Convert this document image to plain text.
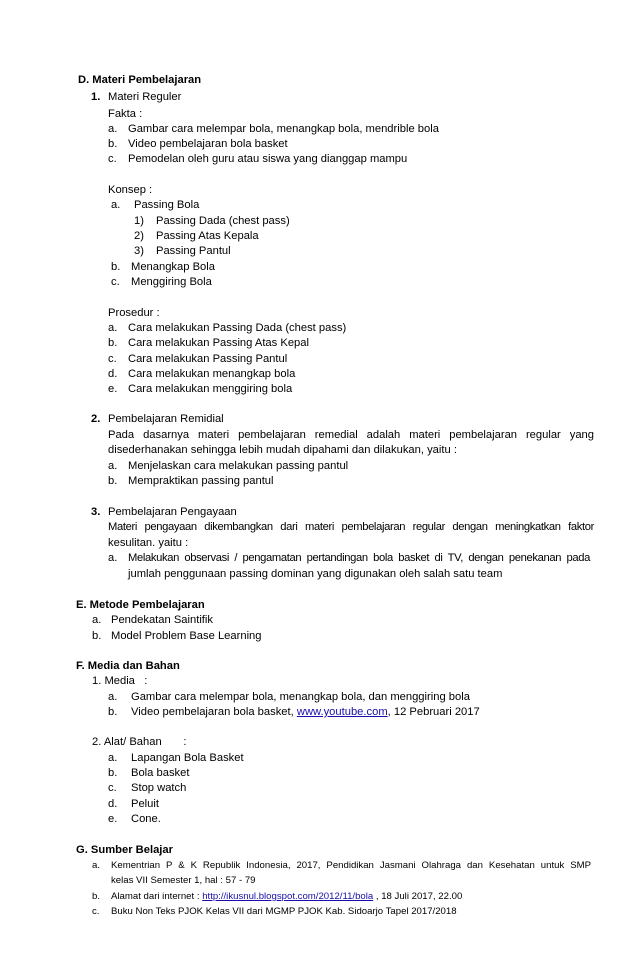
D. Materi Pembelajaran
1. Materi Reguler
Fakta :
a. Gambar cara melempar bola, menangkap bola, mendrible bola
b. Video pembelajaran bola basket
c. Pemodelan oleh guru atau siswa yang dianggap mampu
Konsep :
a. Passing Bola
1) Passing Dada (chest pass)
2) Passing Atas Kepala
3) Passing Pantul
b. Menangkap Bola
c. Menggiring Bola
Prosedur :
a. Cara melakukan Passing Dada (chest pass)
b. Cara melakukan Passing Atas Kepal
c. Cara melakukan Passing Pantul
d. Cara melakukan menangkap bola
e. Cara melakukan menggiring bola
2. Pembelajaran Remidial
Pada dasarnya materi pembelajaran remedial adalah materi pembelajaran regular yang
disederhanakan sehingga lebih mudah dipahami dan dilakukan, yaitu :
a. Menjelaskan cara melakukan passing pantul
b. Mempraktikan passing pantul
3. Pembelajaran Pengayaan
Materi pengayaan dikembangkan dari materi pembelajaran regular dengan meningkatkan faktor
kesulitan. yaitu :
a. Melakukan observasi / pengamatan pertandingan bola basket di TV, dengan penekanan pada
jumlah penggunaan passing dominan yang digunakan oleh salah satu team
E. Metode Pembelajaran
a. Pendekatan Saintifik
b. Model Problem Base Learning
F. Media dan Bahan
1. Media   :
a. Gambar cara melempar bola, menangkap bola, dan menggiring bola
b. Video pembelajaran bola basket, www.youtube.com, 12 Pebruari 2017
2. Alat/ Bahan       :
a. Lapangan Bola Basket
b. Bola basket
c. Stop watch
d. Peluit
e. Cone.
G. Sumber Belajar
a. Kementrian P & K Republik Indonesia, 2017, Pendidikan Jasmani Olahraga dan Kesehatan untuk SMP
kelas VII Semester 1, hal : 57 - 79
b. Alamat dari internet : http://ikusnul.blogspot.com/2012/11/bola , 18 Juli 2017, 22.00
c. Buku Non Teks PJOK Kelas VII dari MGMP PJOK Kab. Sidoarjo Tapel 2017/2018
